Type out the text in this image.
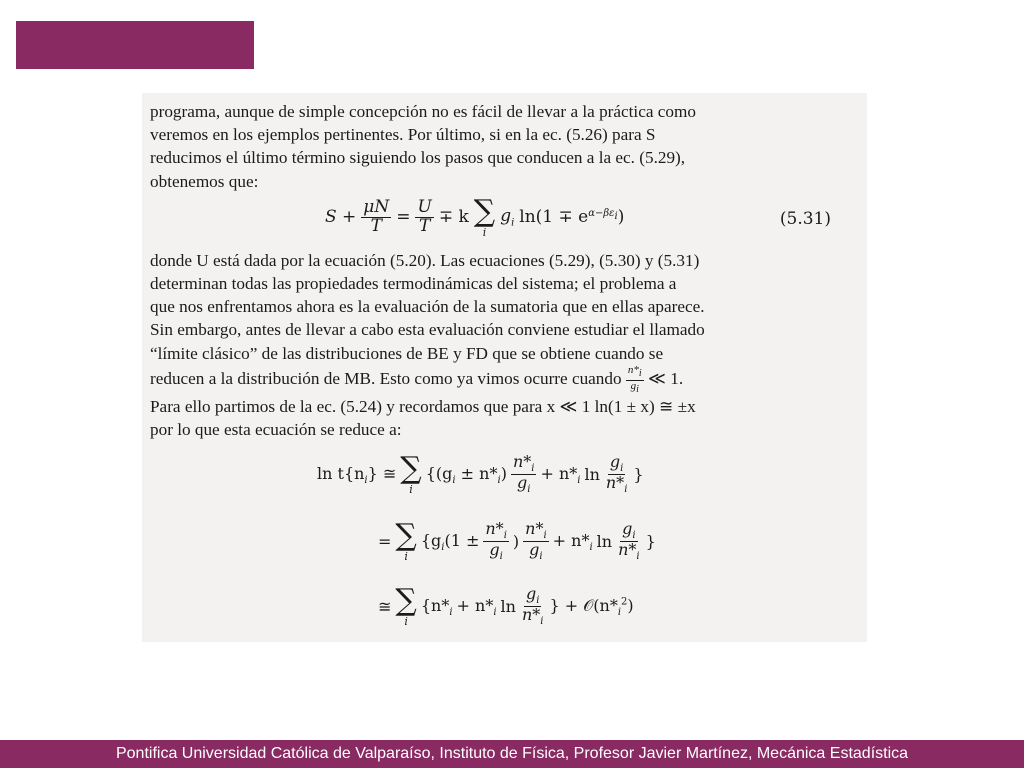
programa, aunque de simple concepción no es fácil de llevar a la práctica como
veremos en los ejemplos pertinentes. Por último, si en la ec. (5.26) para S
reducimos el último término siguiendo los pasos que conducen a la ec. (5.29),
obtenemos que:

$S + \frac{\mu N}{T} = \frac{U}{T} \mp k$ ∑
i
$g_i$ $\ln(1 \mp e^{\alpha-\beta\varepsilon_i})$	(5.31)

donde U está dada por la ecuación (5.20). Las ecuaciones (5.29), (5.30) y (5.31)
determinan todas las propiedades termodinámicas del sistema; el problema a
que nos enfrentamos ahora es la evaluación de la sumatoria que en ellas aparece.
Sin embargo, antes de llevar a cabo esta evaluación conviene estudiar el llamado
“límite clásico” de las distribuciones de BE y FD que se obtiene cuando se
reducen a la distribución de MB. Esto como ya vimos ocurre cuando $\frac{n*_i}{g_i}$ ≪ 1.
Para ello partimos de la ec. (5.24) y recordamos que para x ≪ 1 ln(1 ± x) ≅ ±x
por lo que esta ecuación se reduce a:

$\ln t\{n_i\}$ ≅ ∑
i
{$(g_i \pm n*_i) \frac{n*_i}{g_i} + n*_i$ $\ln \frac{g_i}{n*_i}$ }
= ∑
i
{$g_i(1 \pm \frac{n*_i}{g_i}$ ) $\frac{n*_i}{g_i} + n*_i$ $\ln \frac{g_i}{n*_i}$ }
≅ ∑
i
{$n*_i + n*_i$ $\ln \frac{g_i}{n*_i}$ } + $𝒪(n*_i^2)$
Pontifica Universidad Católica de Valparaíso, Instituto de Física, Profesor Javier Martínez, Mecánica Estadística
